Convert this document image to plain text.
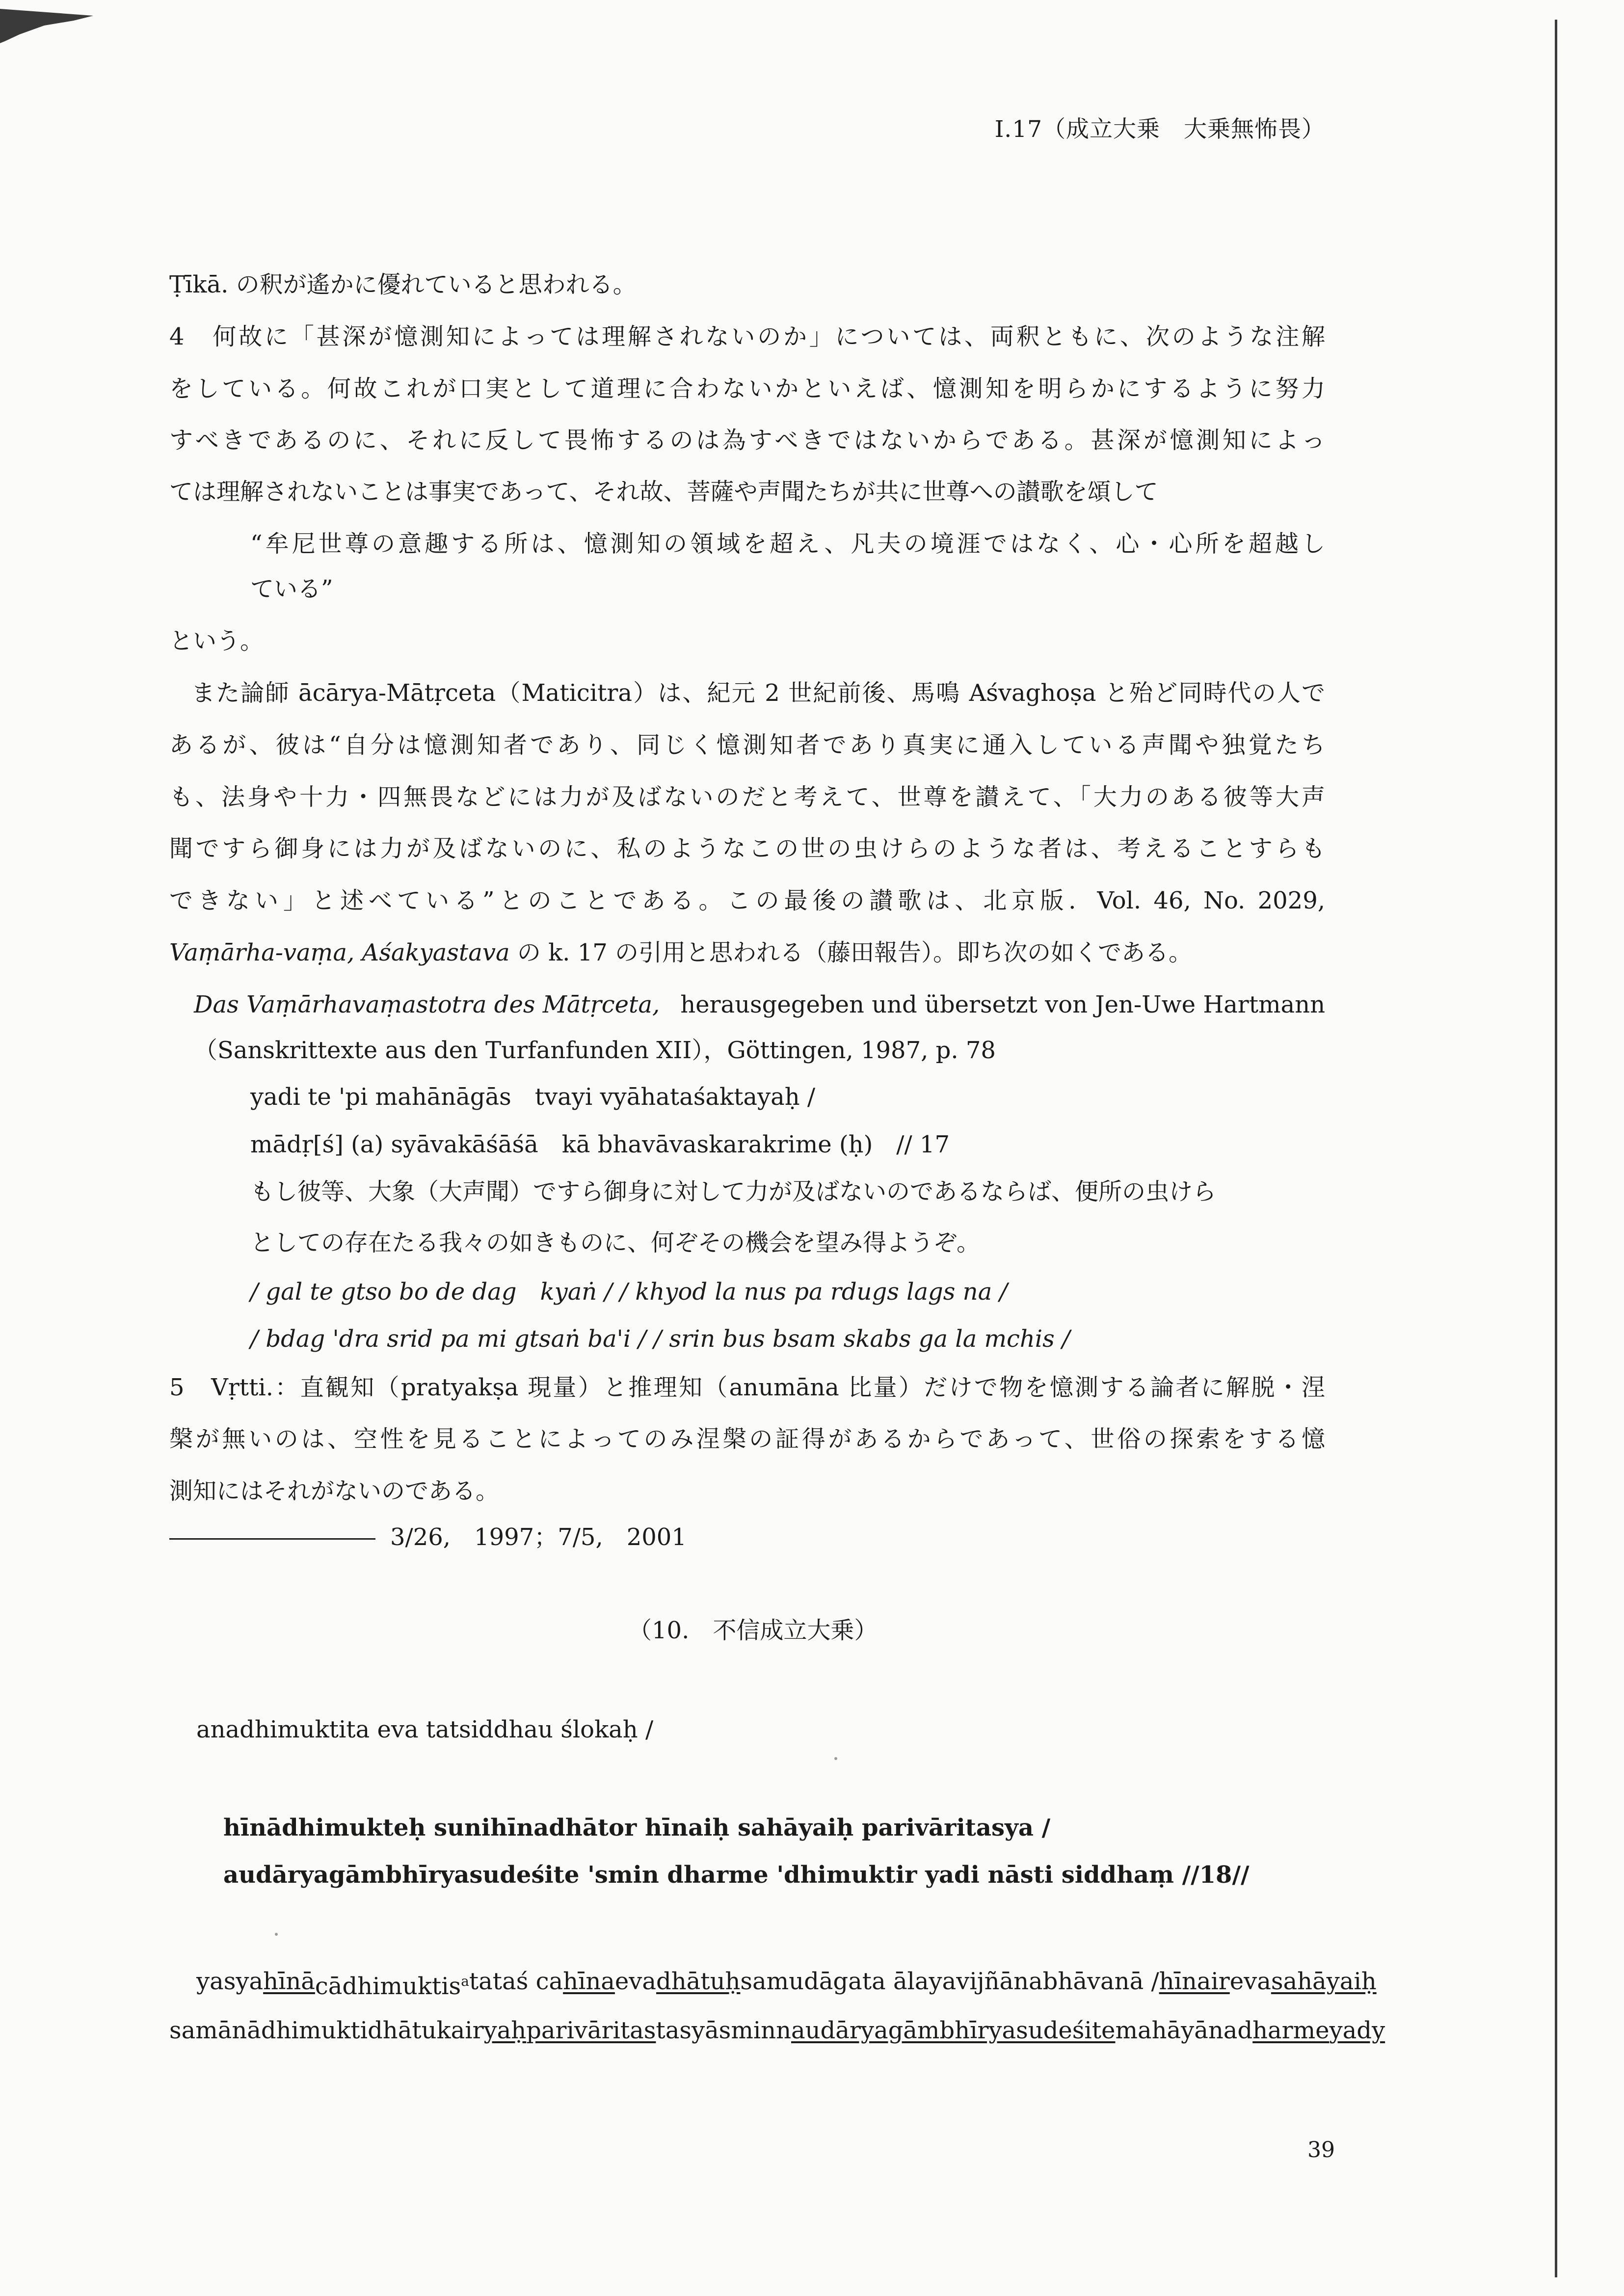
I.17（成立大乗　大乗無怖畏）
Ṭīkā. の釈が遙かに優れていると思われる。
4　何故に「甚深が憶測知によっては理解されないのか」については、両釈ともに、次のような注解
をしている。何故これが口実として道理に合わないかといえば、憶測知を明らかにするように努力
すべきであるのに、それに反して畏怖するのは為すべきではないからである。甚深が憶測知によっ
ては理解されないことは事実であって、それ故、菩薩や声聞たちが共に世尊への讃歌を頌して
“牟尼世尊の意趣する所は、憶測知の領域を超え、凡夫の境涯ではなく、心・心所を超越し
ている”
という。
また論師 ācārya-Mātṛceta（Maticitra）は、紀元 2 世紀前後、馬鳴 Aśvaghoṣa と殆ど同時代の人で
あるが、彼は“自分は憶測知者であり、同じく憶測知者であり真実に通入している声聞や独覚たち
も、法身や十力・四無畏などには力が及ばないのだと考えて、世尊を讃えて、「大力のある彼等大声
聞ですら御身には力が及ばないのに、私のようなこの世の虫けらのような者は、考えることすらも
できない」と述べている”とのことである。この最後の讃歌は、北京版．Vol. 46, No. 2029,
Vaṃārha-vaṃa, Aśakyastava の k. 17 の引用と思われる（藤田報告）。即ち次の如くである。
Das Vaṃārhavaṃastotra des Mātṛceta, herausgegeben und übersetzt von Jen-Uwe Hartmann
（Sanskrittexte aus den Turfanfunden XII），Göttingen, 1987, p. 78
yadi te 'pi mahānāgās　tvayi vyāhataśaktayaḥ /
mādṛ[ś] (a) syāvakāśāśā　kā bhavāvaskarakrime (ḥ)　// 17
もし彼等、大象（大声聞）ですら御身に対して力が及ばないのであるならば、便所の虫けら
としての存在たる我々の如きものに、何ぞその機会を望み得ようぞ。
/ gal te gtso bo de dag　kyaṅ / / khyod la nus pa rdugs lags na /
/ bdag 'dra srid pa mi gtsaṅ ba'i / / srin bus bsam skabs ga la mchis /
5　Vṛtti.：直観知（pratyakṣa 現量）と推理知（anumāna 比量）だけで物を憶測する論者に解脱・涅
槃が無いのは、空性を見ることによってのみ涅槃の証得があるからであって、世俗の探索をする憶
測知にはそれがないのである。
3/26,　1997；7/5,　2001
（10.　不信成立大乗）
anadhimuktita eva tatsiddhau ślokaḥ /
hīnādhimukteḥ sunihīnadhātor hīnaiḥ sahāyaiḥ parivāritasya /
audāryagāmbhīryasudeśite 'smin dharme 'dhimuktir yadi nāsti siddhaṃ //18//
yasya hīnā cādhimuktis$^a$ tataś ca hīna eva dhātuḥ samudāgata ālayavijñānabhāvanā / hīnair eva sahāyaiḥ
samānādhimuktidhātukair yaḥ parivāritas tasyāsminn audāryagāmbhīryasudeśite mahāyānadharme yady
39
